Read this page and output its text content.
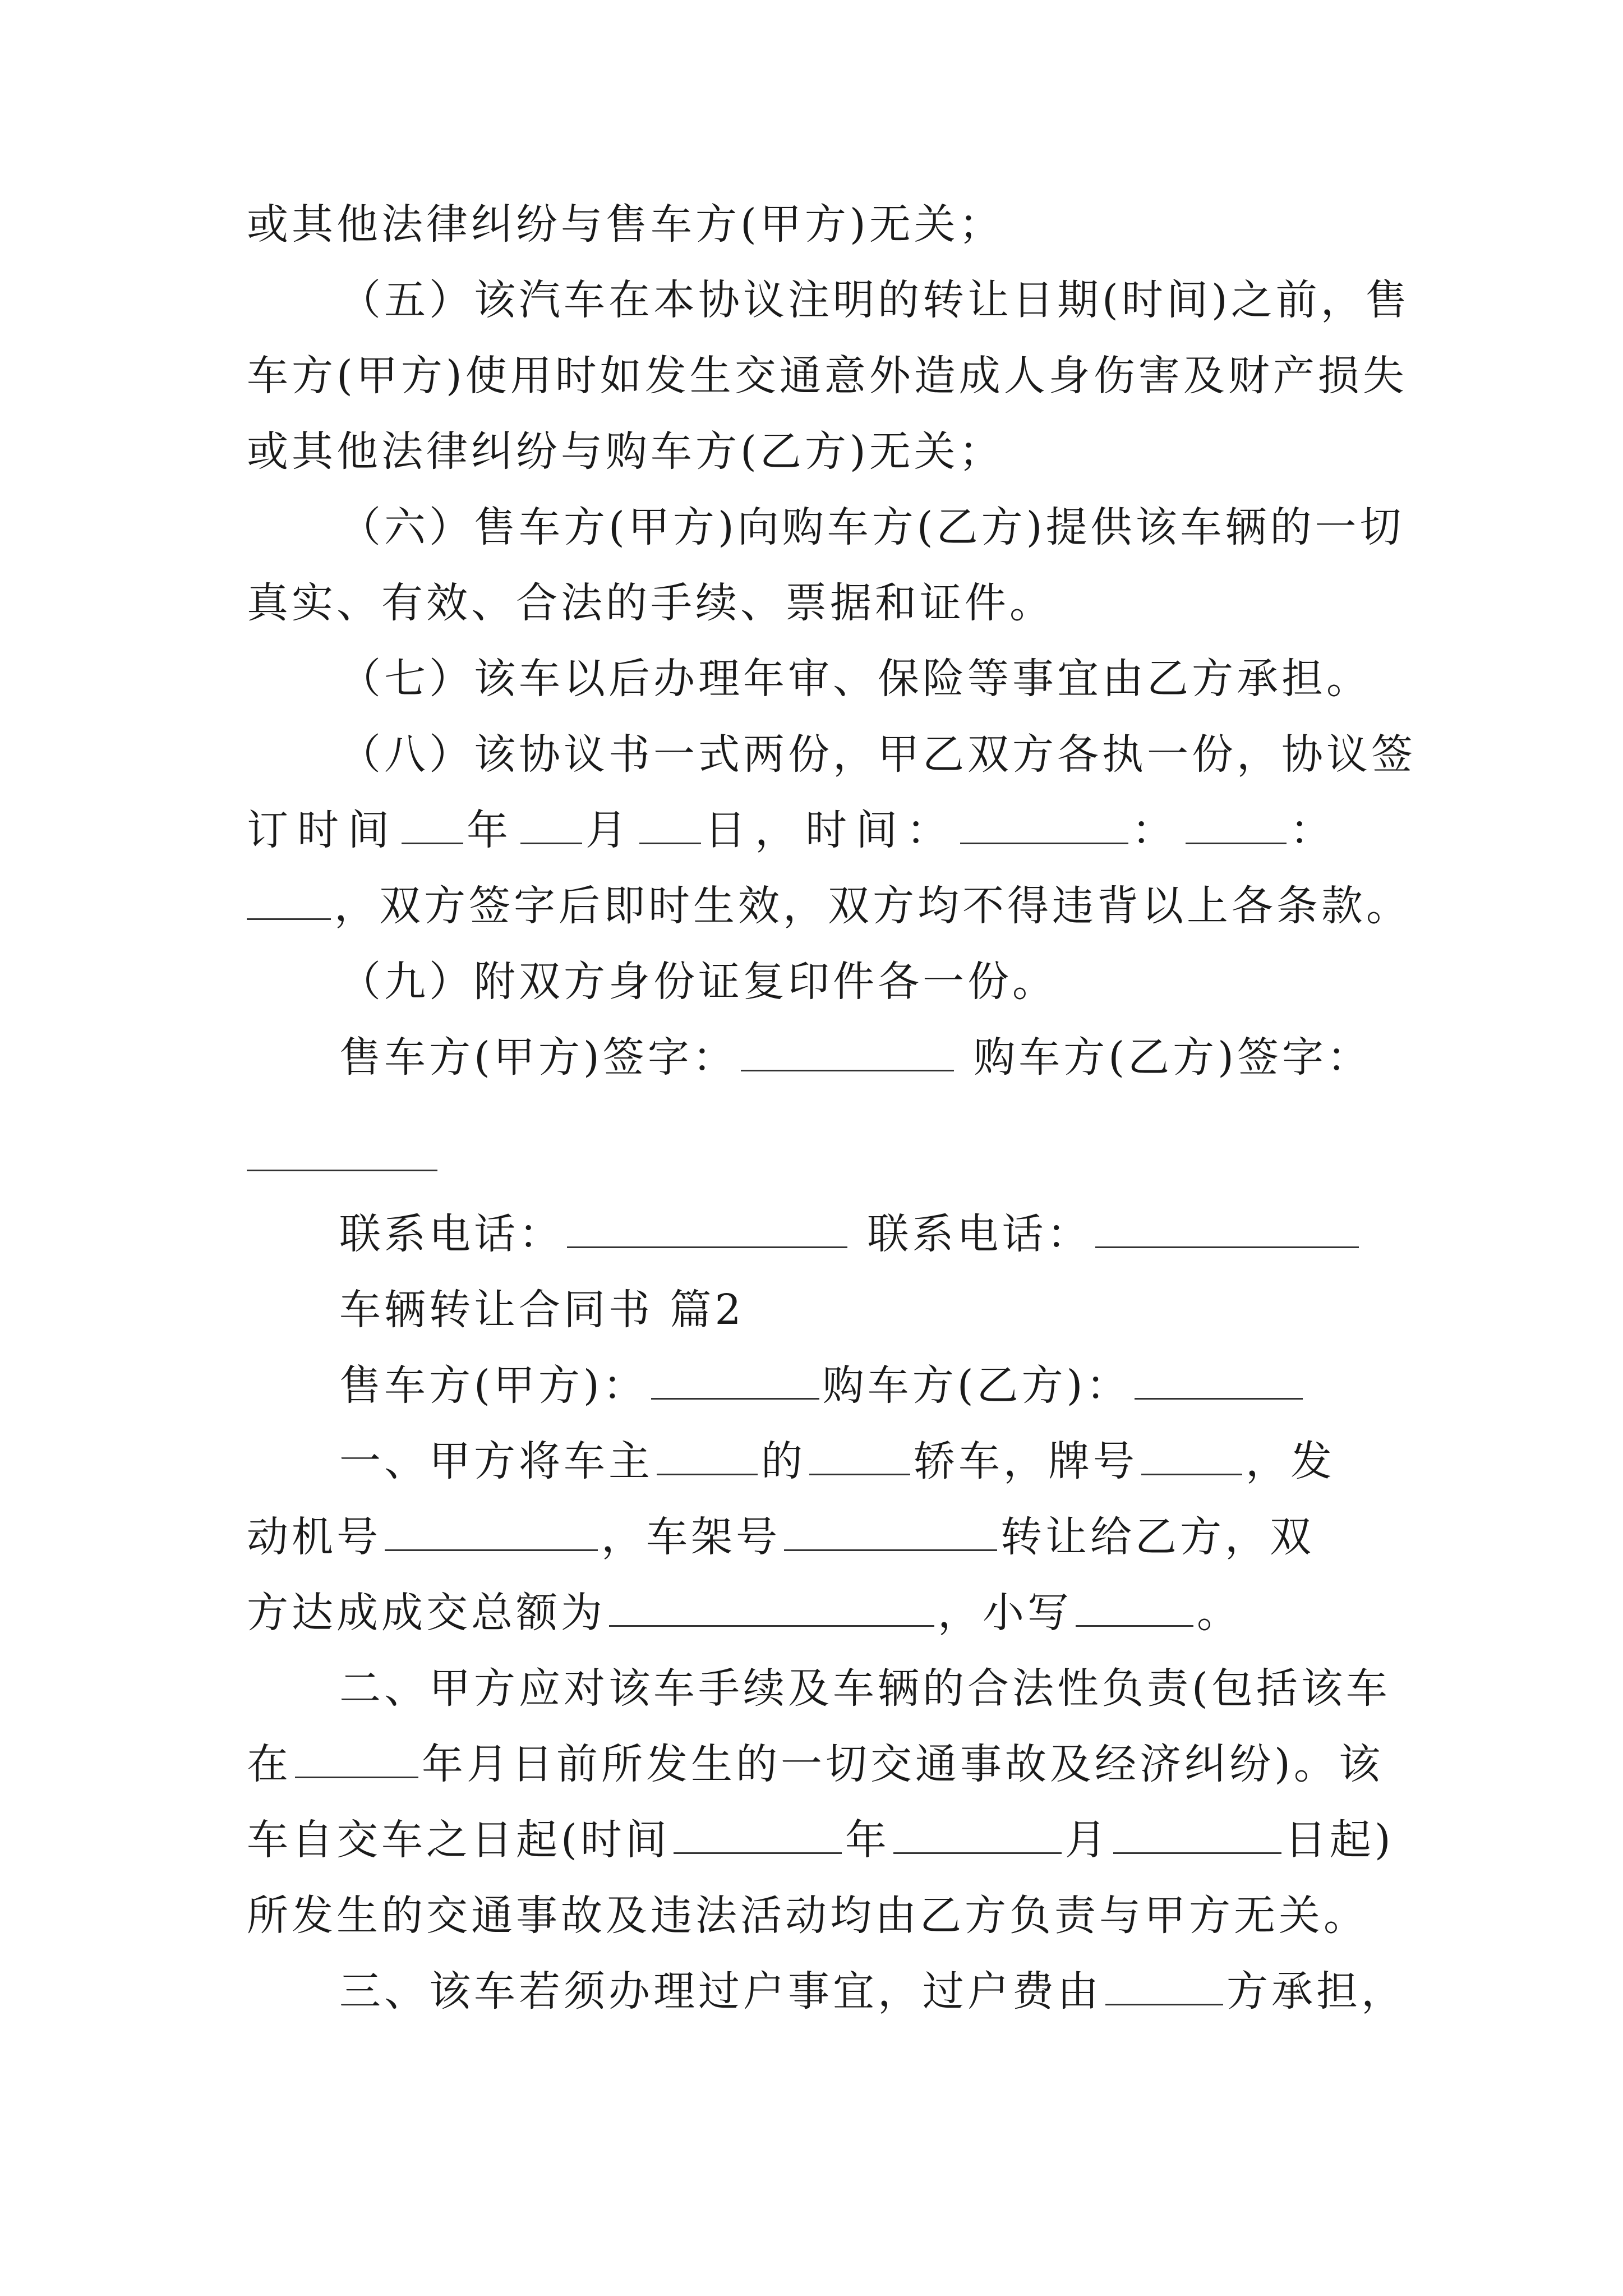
或其他法律纠纷与售车方(甲方)无关；
（五）该汽车在本协议注明的转让日期(时间)之前，售
车方(甲方)使用时如发生交通意外造成人身伤害及财产损失
或其他法律纠纷与购车方(乙方)无关；
（六）售车方(甲方)向购车方(乙方)提供该车辆的一切
真实、有效、合法的手续、票据和证件。
（七）该车以后办理年审、保险等事宜由乙方承担。
（八）该协议书一式两份，甲乙双方各执一份，协议签
订时间 年 月 日，时间：	：	：
，双方签字后即时生效，双方均不得违背以上各条款。
（九）附双方身份证复印件各一份。
售车方(甲方)签字：	购车方(乙方)签字：
联系电话：	联系电话：
车辆转让合同书 篇2
售车方(甲方)：	购车方(乙方)：
一、甲方将车主	的	轿车，牌号	，发
动机号	，车架号	转让给乙方，双
方达成成交总额为	，小写	。
二、甲方应对该车手续及车辆的合法性负责(包括该车
在	年月日前所发生的一切交通事故及经济纠纷)。该
车自交车之日起(时间	年	月	日起)
所发生的交通事故及违法活动均由乙方负责与甲方无关。
三、该车若须办理过户事宜，过户费由	方承担，
